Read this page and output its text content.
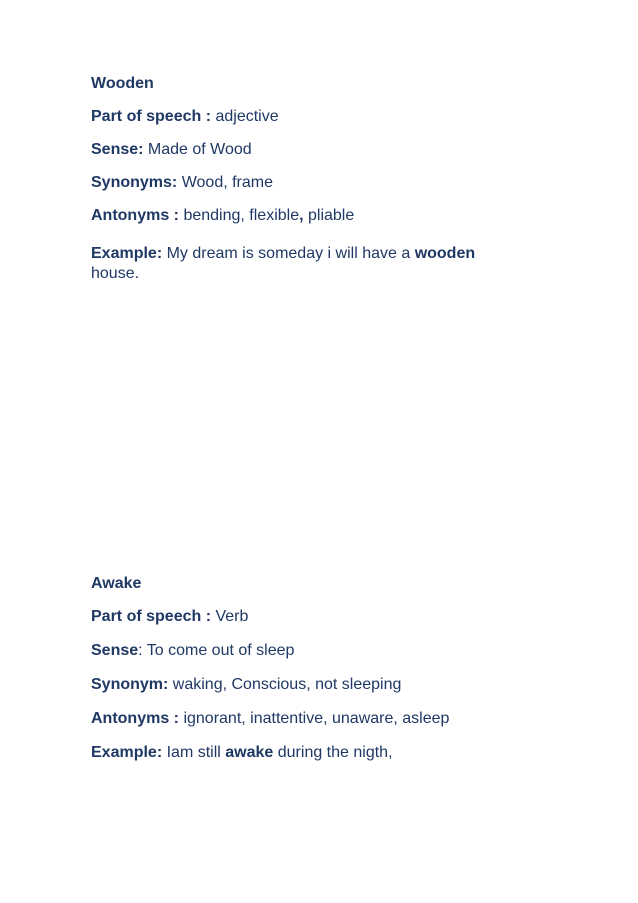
Wooden

Part of speech : adjective

Sense: Made of Wood

Synonyms: Wood, frame

Antonyms : bending, flexible, pliable

Example: My dream is someday i will have a wooden house.

Awake

Part of speech : Verb

Sense: To come out of sleep

Synonym: waking, Conscious, not sleeping

Antonyms : ignorant, inattentive, unaware, asleep

Example: Iam still awake during the nigth,
